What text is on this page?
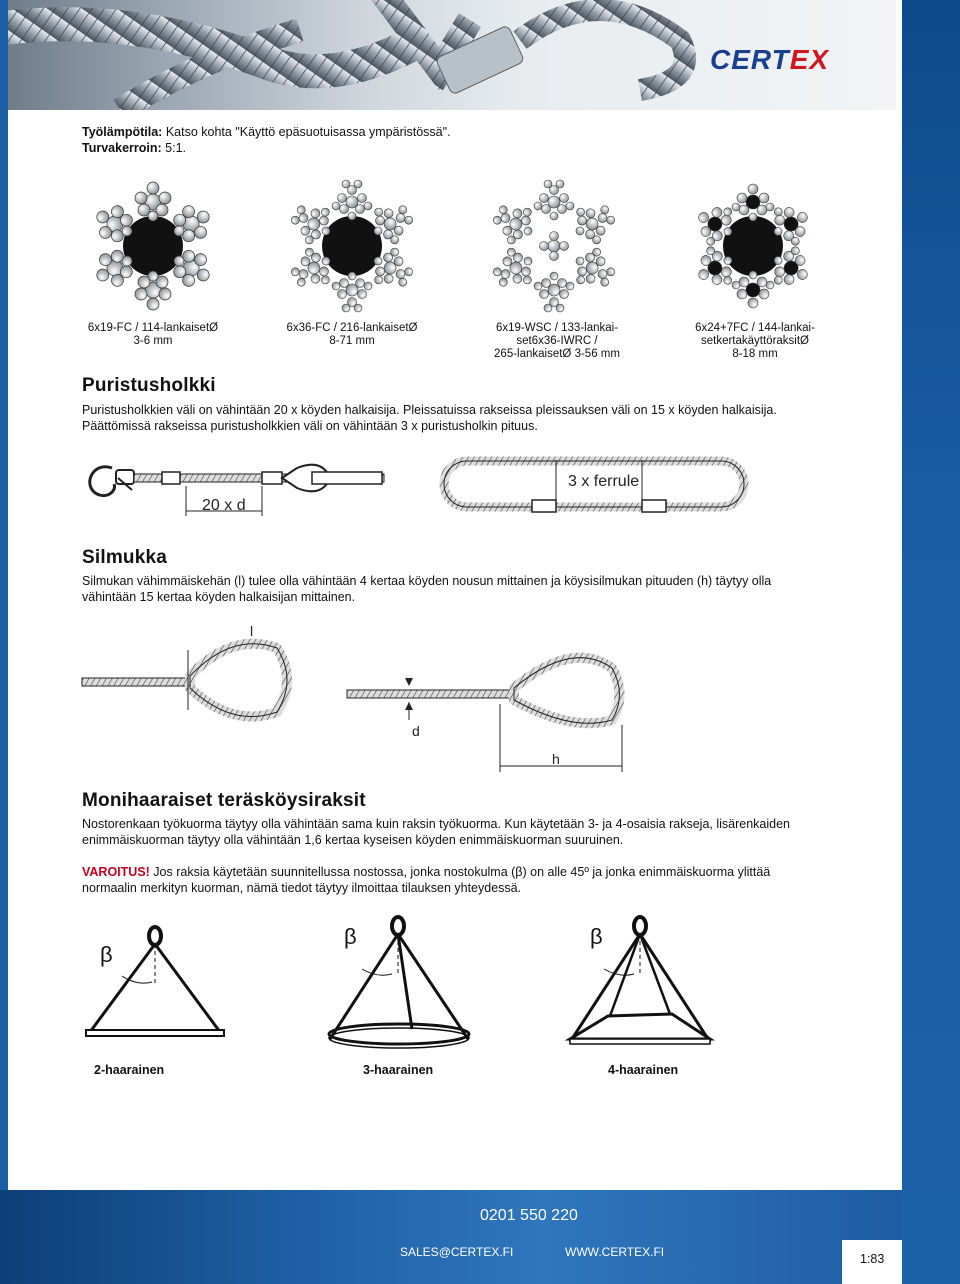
CERTEX
Työlämpötila: Katso kohta "Käyttö epäsuotuisassa ympäristössä".
Turvakerroin: 5:1.
6x19-FC / 114-lankaisetØ
3-6 mm
6x36-FC / 216-lankaisetØ
8-71 mm
6x19-WSC / 133-lankai-
set6x36-IWRC /
265-lankaisetØ 3-56 mm
6x24+7FC / 144-lankai-
setkertakäyttöraksitØ
8-18 mm
Puristusholkki
Puristusholkkien väli on vähintään 20 x köyden halkaisija. Pleissatuissa rakseissa pleissauksen väli on 15 x köyden halkaisija.
Päättömissä rakseissa puristusholkkien väli on vähintään 3 x puristusholkin pituus.
20 x d
3 x ferrule
Silmukka
Silmukan vähimmäiskehän (l) tulee olla vähintään 4 kertaa köyden nousun mittainen ja köysisilmukan pituuden (h) täytyy olla
vähintään 15 kertaa köyden halkaisijan mittainen.
l
d
h
Monihaaraiset teräsköysiraksit
Nostorenkaan työkuorma täytyy olla vähintään sama kuin raksin työkuorma. Kun käytetään 3- ja 4-osaisia rakseja, lisärenkaiden
enimmäiskuorman täytyy olla vähintään 1,6 kertaa kyseisen köyden enimmäiskuorman suuruinen.
VAROITUS! Jos raksia käytetään suunnitellussa nostossa, jonka nostokulma (β) on alle 45º ja jonka enimmäiskuorma ylittää
normaalin merkityn kuorman, nämä tiedot täytyy ilmoittaa tilauksen yhteydessä.
β
β	β
2-haarainen	3-haarainen	4-haarainen
0201 550 220
SALES@CERTEX.FI	WWW.CERTEX.FI	1:83
